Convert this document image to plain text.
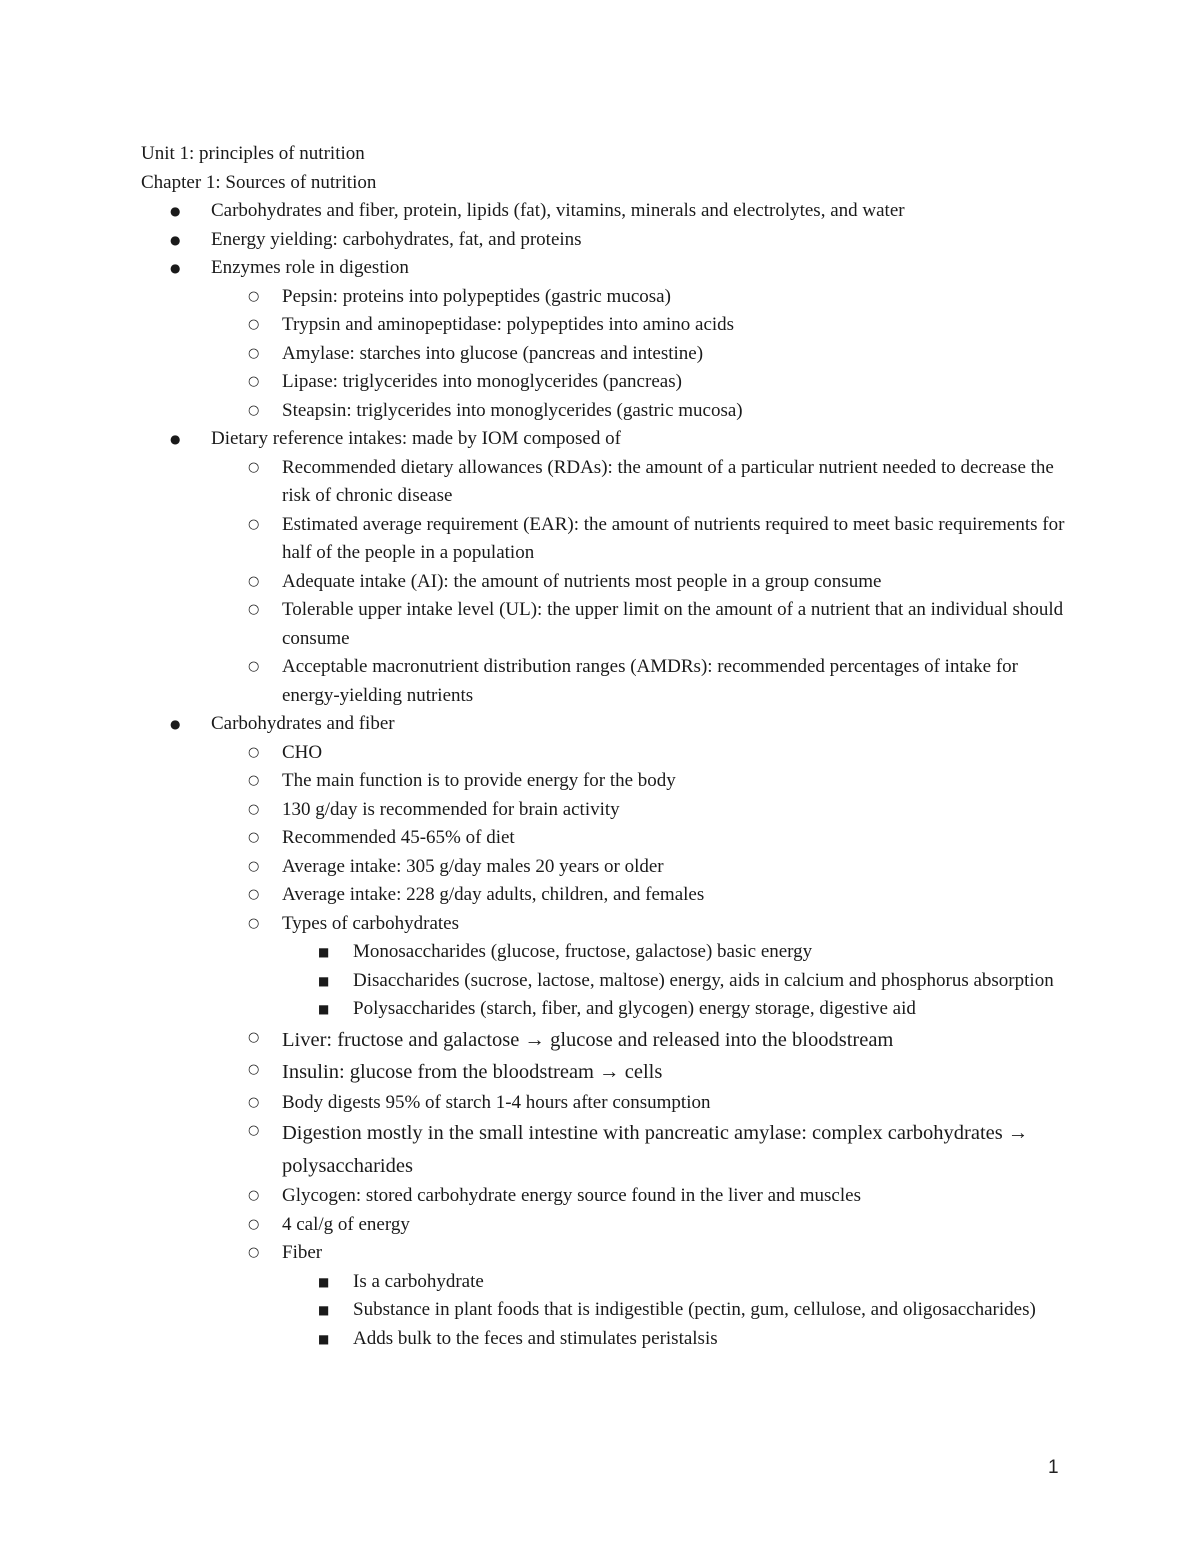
Unit 1: principles of nutrition

Chapter 1: Sources of nutrition

● Carbohydrates and fiber, protein, lipids (fat), vitamins, minerals and electrolytes, and water
● Energy yielding: carbohydrates, fat, and proteins
● Enzymes role in digestion
○ Pepsin: proteins into polypeptides (gastric mucosa)
○ Trypsin and aminopeptidase: polypeptides into amino acids
○ Amylase: starches into glucose (pancreas and intestine)
○ Lipase: triglycerides into monoglycerides (pancreas)
○ Steapsin: triglycerides into monoglycerides (gastric mucosa)
● Dietary reference intakes: made by IOM composed of
○ Recommended dietary allowances (RDAs): the amount of a particular nutrient needed to decrease the risk of chronic disease
○ Estimated average requirement (EAR): the amount of nutrients required to meet basic requirements for half of the people in a population
○ Adequate intake (AI): the amount of nutrients most people in a group consume
○ Tolerable upper intake level (UL): the upper limit on the amount of a nutrient that an individual should consume
○ Acceptable macronutrient distribution ranges (AMDRs): recommended percentages of intake for energy-yielding nutrients
● Carbohydrates and fiber
○ CHO
○ The main function is to provide energy for the body
○ 130 g/day is recommended for brain activity
○ Recommended 45-65% of diet
○ Average intake: 305 g/day males 20 years or older
○ Average intake: 228 g/day adults, children, and females
○ Types of carbohydrates
■ Monosaccharides (glucose, fructose, galactose) basic energy
■ Disaccharides (sucrose, lactose, maltose) energy, aids in calcium and phosphorus absorption
■ Polysaccharides (starch, fiber, and glycogen) energy storage, digestive aid
○ Liver: fructose and galactose → glucose and released into the bloodstream
○ Insulin: glucose from the bloodstream → cells
○ Body digests 95% of starch 1-4 hours after consumption
○ Digestion mostly in the small intestine with pancreatic amylase: complex carbohydrates → polysaccharides
○ Glycogen: stored carbohydrate energy source found in the liver and muscles
○ 4 cal/g of energy
○ Fiber
■ Is a carbohydrate
■ Substance in plant foods that is indigestible (pectin, gum, cellulose, and oligosaccharides)
■ Adds bulk to the feces and stimulates peristalsis
1
